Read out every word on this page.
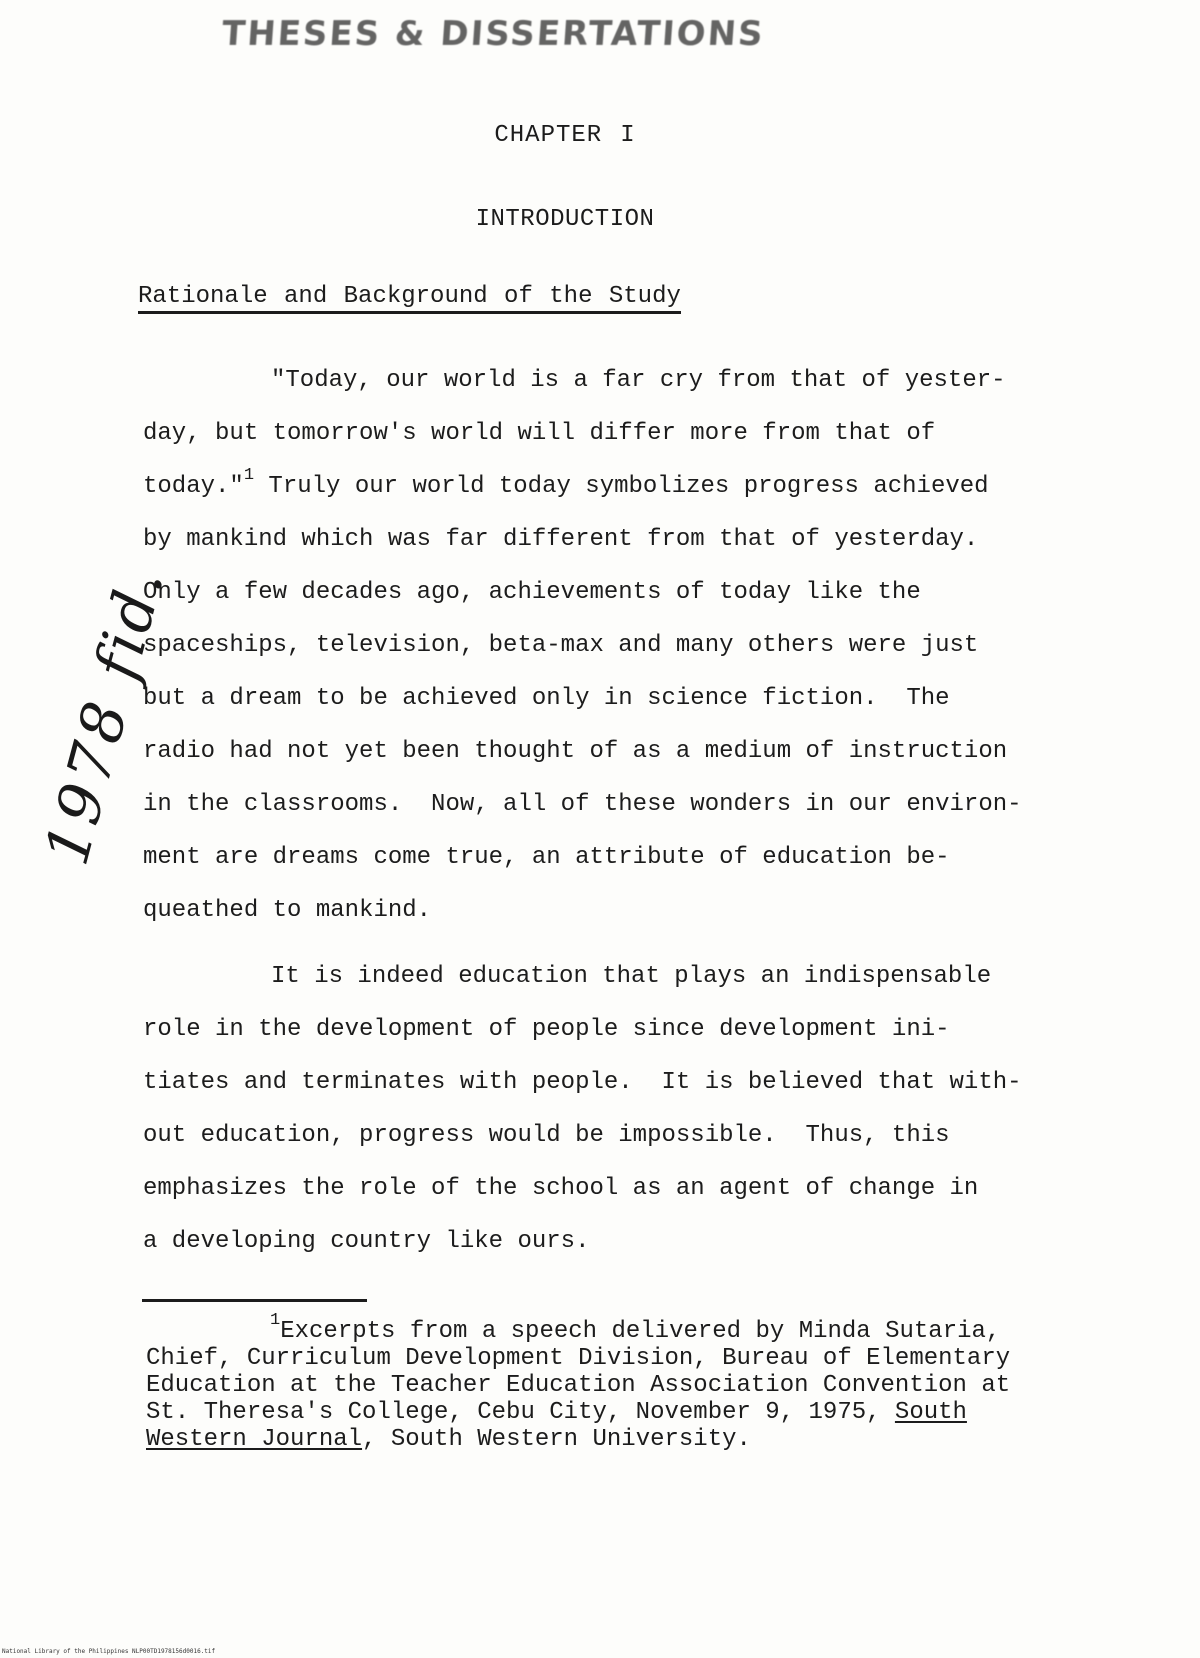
THESES & DISSERTATIONS
1978 fid.
CHAPTER I
INTRODUCTION
Rationale and Background of the Study
"Today, our world is a far cry from that of yester-
day, but tomorrow's world will differ more from that of
today."$^1$ Truly our world today symbolizes progress achieved
by mankind which was far different from that of yesterday.
Only a few decades ago, achievements of today like the
spaceships, television, beta-max and many others were just
but a dream to be achieved only in science fiction.  The
radio had not yet been thought of as a medium of instruction
in the classrooms.  Now, all of these wonders in our environ-
ment are dreams come true, an attribute of education be-
queathed to mankind.
It is indeed education that plays an indispensable
role in the development of people since development ini-
tiates and terminates with people.  It is believed that with-
out education, progress would be impossible.  Thus, this
emphasizes the role of the school as an agent of change in
a developing country like ours.
$^1$Excerpts from a speech delivered by Minda Sutaria,
Chief, Curriculum Development Division, Bureau of Elementary
Education at the Teacher Education Association Convention at
St. Theresa's College, Cebu City, November 9, 1975, South
Western Journal, South Western University.
National Library of the Philippines NLP00TD1978156d0016.tif
